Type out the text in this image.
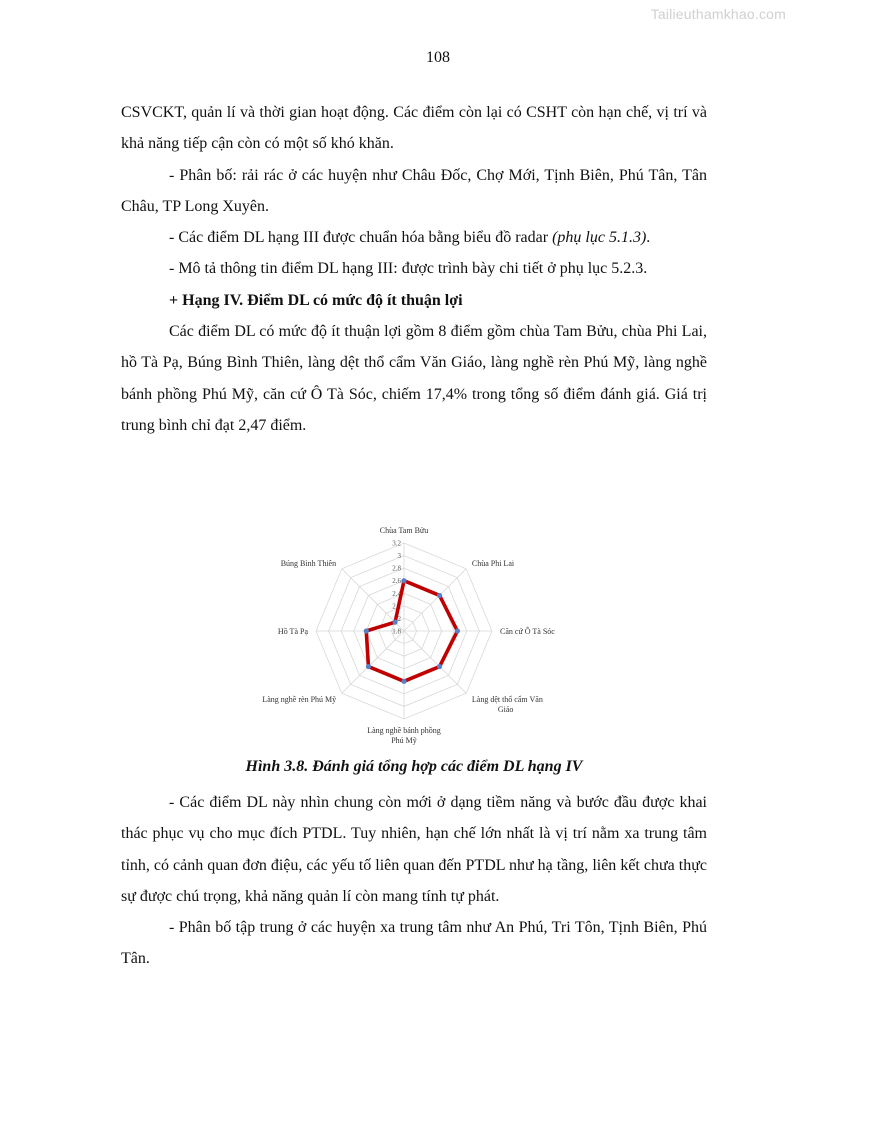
Tailieuthamkhao.com
108

CSVCKT, quản lí và thời gian hoạt động. Các điểm còn lại có CSHT còn hạn chế, vị trí và khả năng tiếp cận còn có một số khó khăn.

- Phân bố: rải rác ở các huyện như Châu Đốc, Chợ Mới, Tịnh Biên, Phú Tân, Tân Châu, TP Long Xuyên.

- Các điểm DL hạng III được chuẩn hóa bằng biểu đồ radar (phụ lục 5.1.3).

- Mô tả thông tin điểm DL hạng III: được trình bày chi tiết ở phụ lục 5.2.3.

+ Hạng IV. Điểm DL có mức độ ít thuận lợi

Các điểm DL có mức độ ít thuận lợi gồm 8 điểm gồm chùa Tam Bửu, chùa Phi Lai, hồ Tà Pạ, Búng Bình Thiên, làng dệt thổ cẩm Văn Giáo, làng nghề rèn Phú Mỹ, làng nghề bánh phồng Phú Mỹ, căn cứ Ô Tà Sóc, chiếm 17,4% trong tổng số điểm đánh giá. Giá trị trung bình chỉ đạt 2,47 điểm.

1.8
2
2.2
2.4
2.6
2.8
3
3.2
Chùa Tam Bửu
Chùa Phi Lai
Căn cứ Ô Tà Sóc
Làng dệt thổ cẩm Văn Giáo
Làng nghề bánh phồng Phú Mỹ
Làng nghề rèn Phú Mỹ
Hồ Tà Pạ
Búng Bình Thiên
Hình 3.8. Đánh giá tổng hợp các điểm DL hạng IV

- Các điểm DL này nhìn chung còn mới ở dạng tiềm năng và bước đầu được khai thác phục vụ cho mục đích PTDL. Tuy nhiên, hạn chế lớn nhất là vị trí nằm xa trung tâm tỉnh, có cảnh quan đơn điệu, các yếu tố liên quan đến PTDL như hạ tầng, liên kết chưa thực sự được chú trọng, khả năng quản lí còn mang tính tự phát.

- Phân bố tập trung ở các huyện xa trung tâm như An Phú, Tri Tôn, Tịnh Biên, Phú Tân.
